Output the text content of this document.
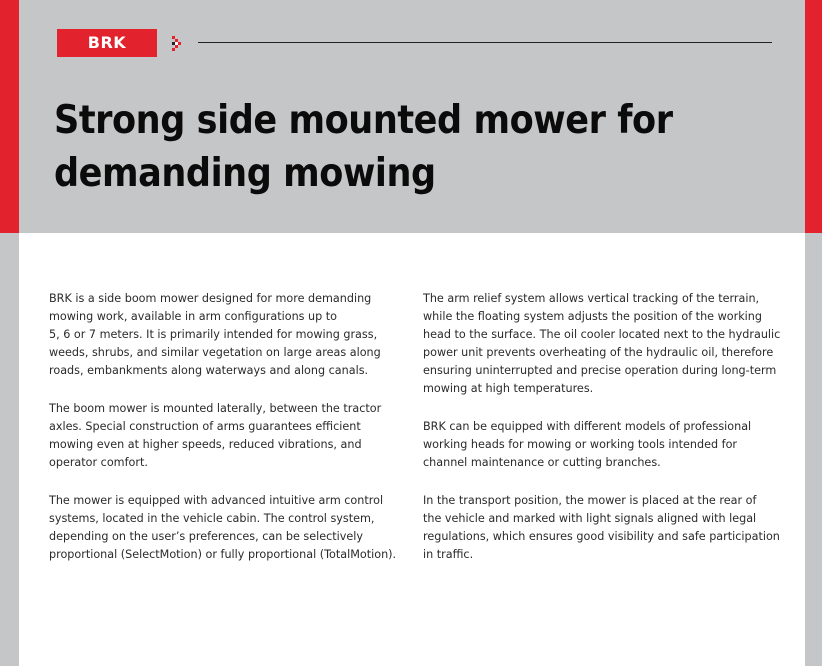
BRK
Strong side mounted mower for
demanding mowing

BRK is a side boom mower designed for more demanding
mowing work, available in arm configurations up to
5, 6 or 7 meters. It is primarily intended for mowing grass,
weeds, shrubs, and similar vegetation on large areas along
roads, embankments along waterways and along canals.

The boom mower is mounted laterally, between the tractor
axles. Special construction of arms guarantees efficient
mowing even at higher speeds, reduced vibrations, and
operator comfort.

The mower is equipped with advanced intuitive arm control
systems, located in the vehicle cabin. The control system,
depending on the user’s preferences, can be selectively
proportional (SelectMotion) or fully proportional (TotalMotion).

The arm relief system allows vertical tracking of the terrain,
while the floating system adjusts the position of the working
head to the surface. The oil cooler located next to the hydraulic
power unit prevents overheating of the hydraulic oil, therefore
ensuring uninterrupted and precise operation during long-term
mowing at high temperatures.

BRK can be equipped with different models of professional
working heads for mowing or working tools intended for
channel maintenance or cutting branches.

In the transport position, the mower is placed at the rear of
the vehicle and marked with light signals aligned with legal
regulations, which ensures good visibility and safe participation
in traffic.
